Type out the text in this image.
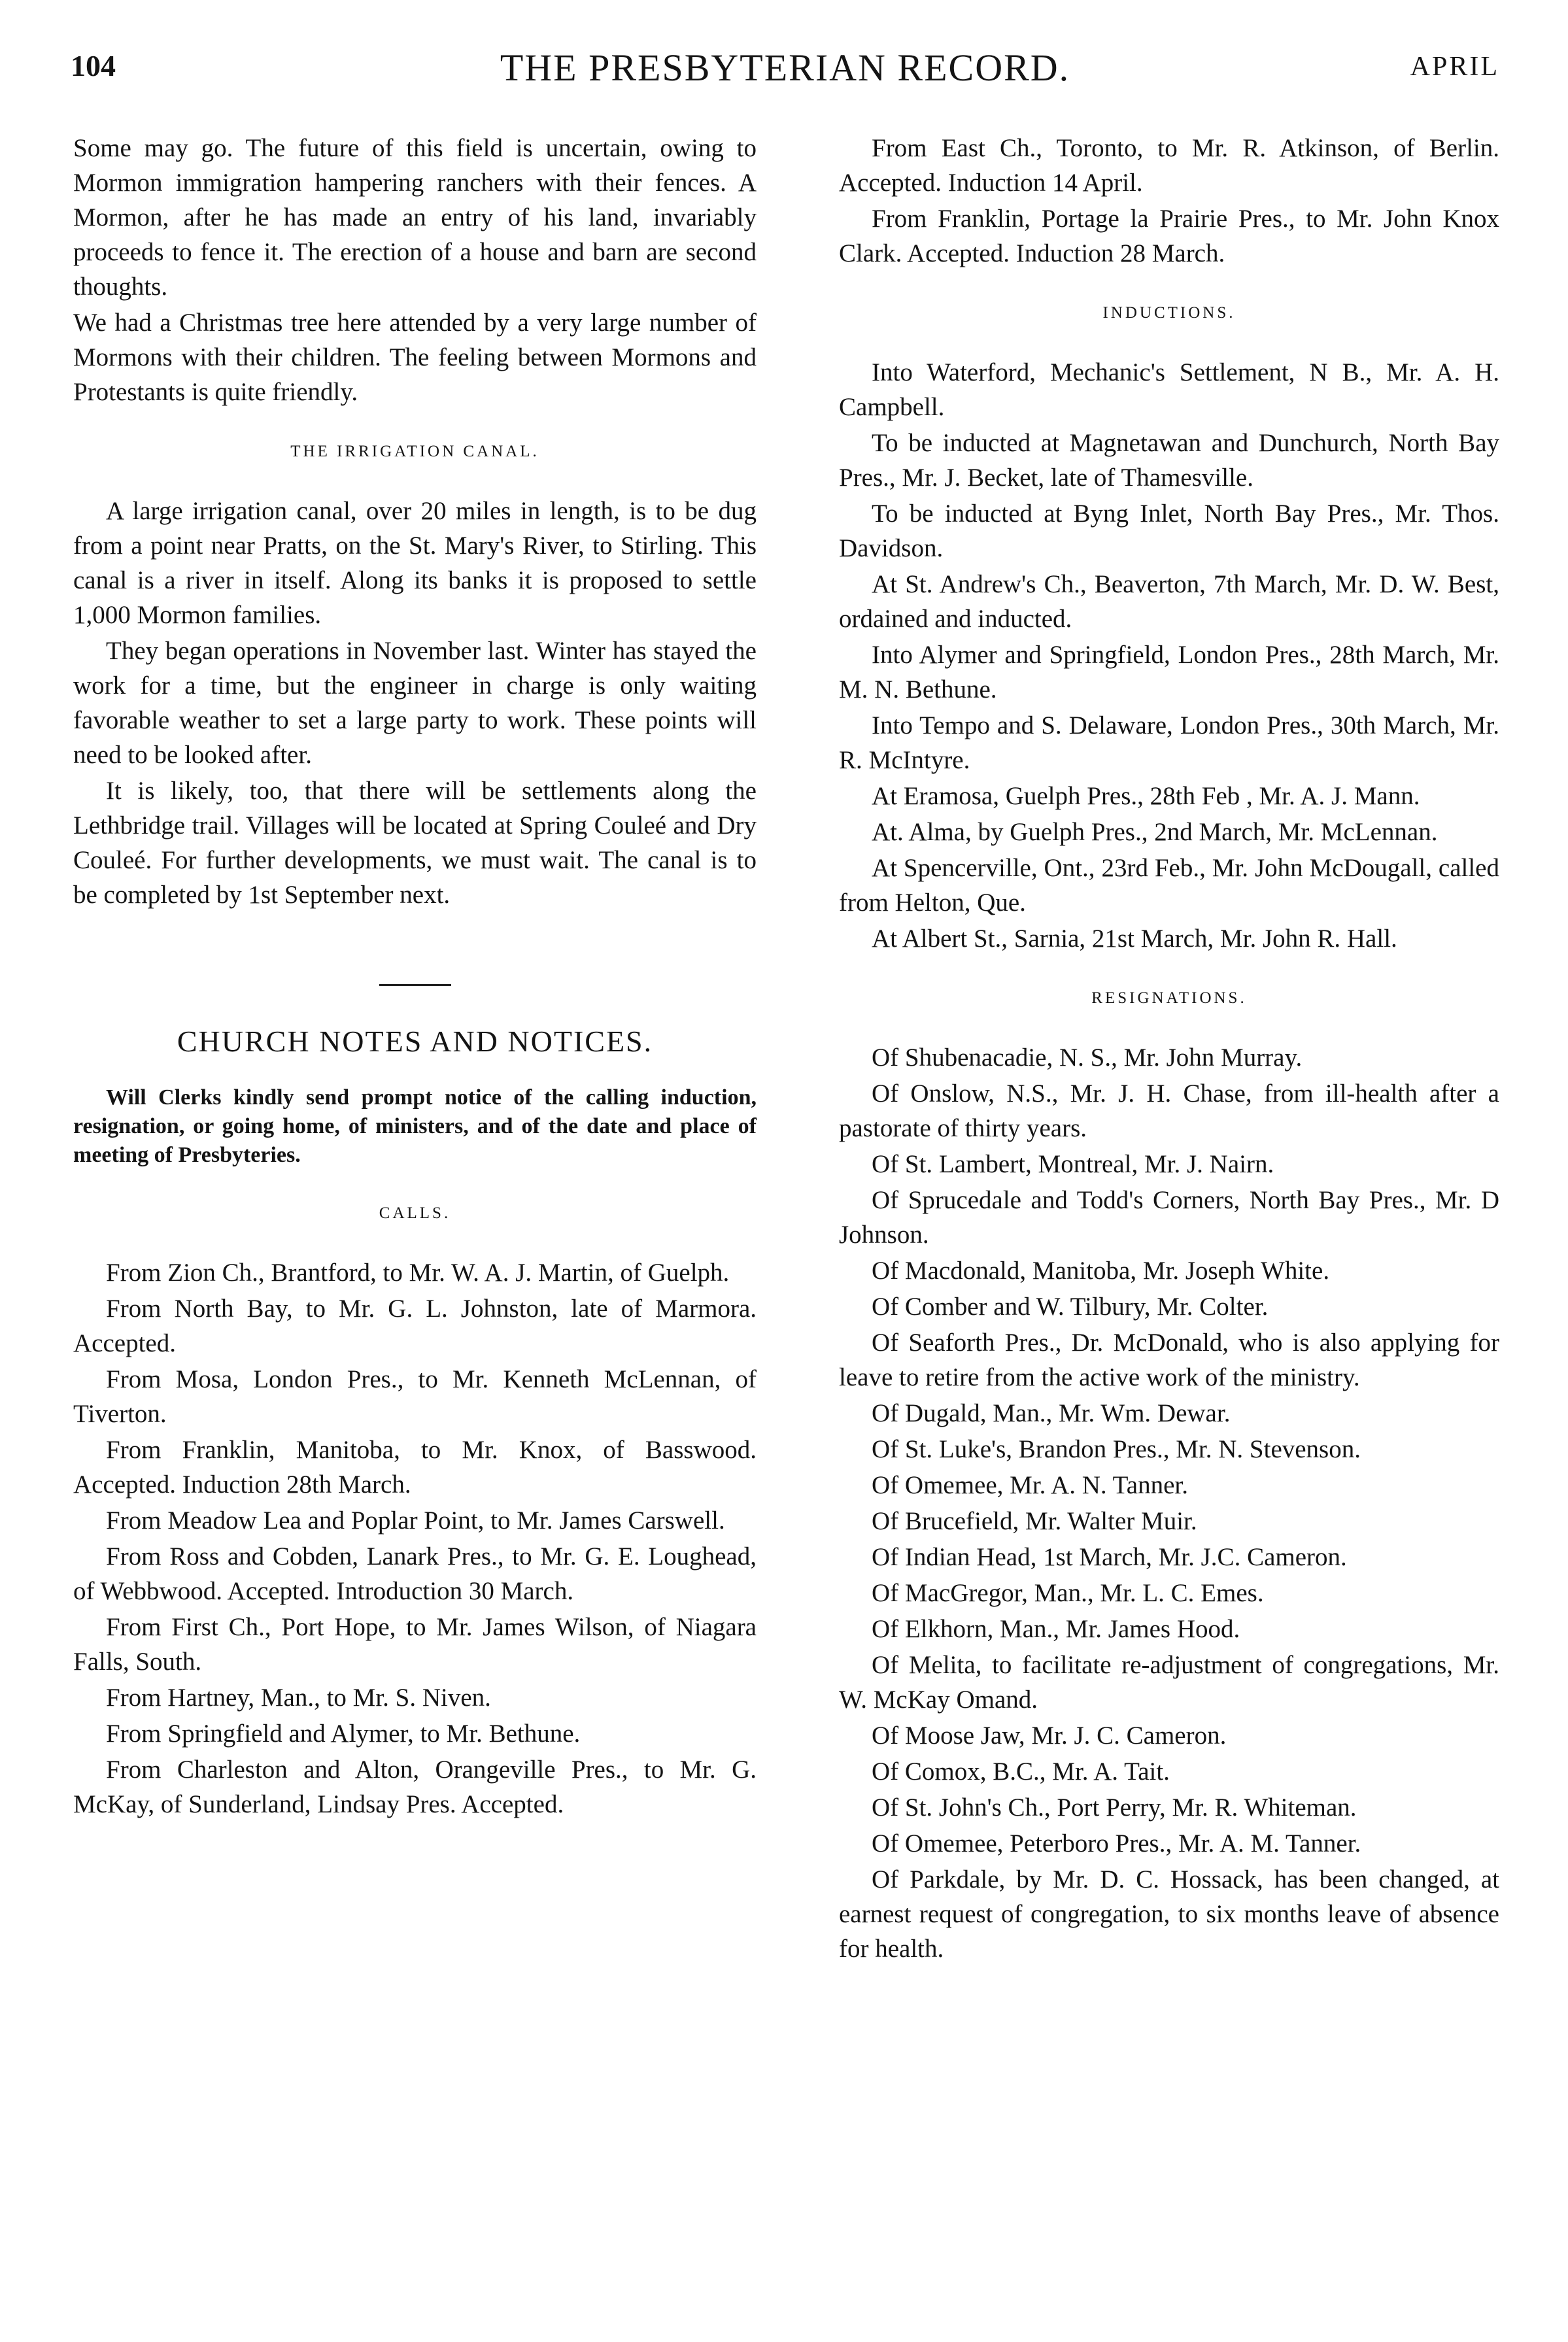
104	THE PRESBYTERIAN RECORD.	APRIL

Some may go. The future of this field is uncertain, owing to Mormon immigration hampering ranchers with their fences. A Mormon, after he has made an entry of his land, invariably proceeds to fence it. The erection of a house and barn are second thoughts.

We had a Christmas tree here attended by a very large number of Mormons with their children. The feeling between Mormons and Protestants is quite friendly.

THE IRRIGATION CANAL.

A large irrigation canal, over 20 miles in length, is to be dug from a point near Pratts, on the St. Mary's River, to Stirling. This canal is a river in itself. Along its banks it is proposed to settle 1,000 Mormon families.

They began operations in November last. Winter has stayed the work for a time, but the engineer in charge is only waiting favorable weather to set a large party to work. These points will need to be looked after.

It is likely, too, that there will be settlements along the Lethbridge trail. Villages will be located at Spring Couleé and Dry Couleé. For further developments, we must wait. The canal is to be completed by 1st September next.

CHURCH NOTES AND NOTICES.

Will Clerks kindly send prompt notice of the calling induction, resignation, or going home, of ministers, and of the date and place of meeting of Presbyteries.

CALLS.

From Zion Ch., Brantford, to Mr. W. A. J. Martin, of Guelph.

From North Bay, to Mr. G. L. Johnston, late of Marmora. Accepted.

From Mosa, London Pres., to Mr. Kenneth McLennan, of Tiverton.

From Franklin, Manitoba, to Mr. Knox, of Basswood. Accepted. Induction 28th March.

From Meadow Lea and Poplar Point, to Mr. James Carswell.

From Ross and Cobden, Lanark Pres., to Mr. G. E. Loughead, of Webbwood. Accepted. Introduction 30 March.

From First Ch., Port Hope, to Mr. James Wilson, of Niagara Falls, South.

From Hartney, Man., to Mr. S. Niven.

From Springfield and Alymer, to Mr. Bethune.

From Charleston and Alton, Orangeville Pres., to Mr. G. McKay, of Sunderland, Lindsay Pres. Accepted.

From East Ch., Toronto, to Mr. R. Atkinson, of Berlin. Accepted. Induction 14 April.

From Franklin, Portage la Prairie Pres., to Mr. John Knox Clark. Accepted. Induction 28 March.

INDUCTIONS.

Into Waterford, Mechanic's Settlement, N B., Mr. A. H. Campbell.

To be inducted at Magnetawan and Dunchurch, North Bay Pres., Mr. J. Becket, late of Thamesville.

To be inducted at Byng Inlet, North Bay Pres., Mr. Thos. Davidson.

At St. Andrew's Ch., Beaverton, 7th March, Mr. D. W. Best, ordained and inducted.

Into Alymer and Springfield, London Pres., 28th March, Mr. M. N. Bethune.

Into Tempo and S. Delaware, London Pres., 30th March, Mr. R. McIntyre.

At Eramosa, Guelph Pres., 28th Feb , Mr. A. J. Mann.

At. Alma, by Guelph Pres., 2nd March, Mr. McLennan.

At Spencerville, Ont., 23rd Feb., Mr. John McDougall, called from Helton, Que.

At Albert St., Sarnia, 21st March, Mr. John R. Hall.

RESIGNATIONS.

Of Shubenacadie, N. S., Mr. John Murray.

Of Onslow, N.S., Mr. J. H. Chase, from ill-health after a pastorate of thirty years.

Of St. Lambert, Montreal, Mr. J. Nairn.

Of Sprucedale and Todd's Corners, North Bay Pres., Mr. D Johnson.

Of Macdonald, Manitoba, Mr. Joseph White.

Of Comber and W. Tilbury, Mr. Colter.

Of Seaforth Pres., Dr. McDonald, who is also applying for leave to retire from the active work of the ministry.

Of Dugald, Man., Mr. Wm. Dewar.

Of St. Luke's, Brandon Pres., Mr. N. Stevenson.

Of Omemee, Mr. A. N. Tanner.

Of Brucefield, Mr. Walter Muir.

Of Indian Head, 1st March, Mr. J.C. Cameron.

Of MacGregor, Man., Mr. L. C. Emes.

Of Elkhorn, Man., Mr. James Hood.

Of Melita, to facilitate re-adjustment of congregations, Mr. W. McKay Omand.

Of Moose Jaw, Mr. J. C. Cameron.

Of Comox, B.C., Mr. A. Tait.

Of St. John's Ch., Port Perry, Mr. R. Whiteman.

Of Omemee, Peterboro Pres., Mr. A. M. Tanner.

Of Parkdale, by Mr. D. C. Hossack, has been changed, at earnest request of congregation, to six months leave of absence for health.
